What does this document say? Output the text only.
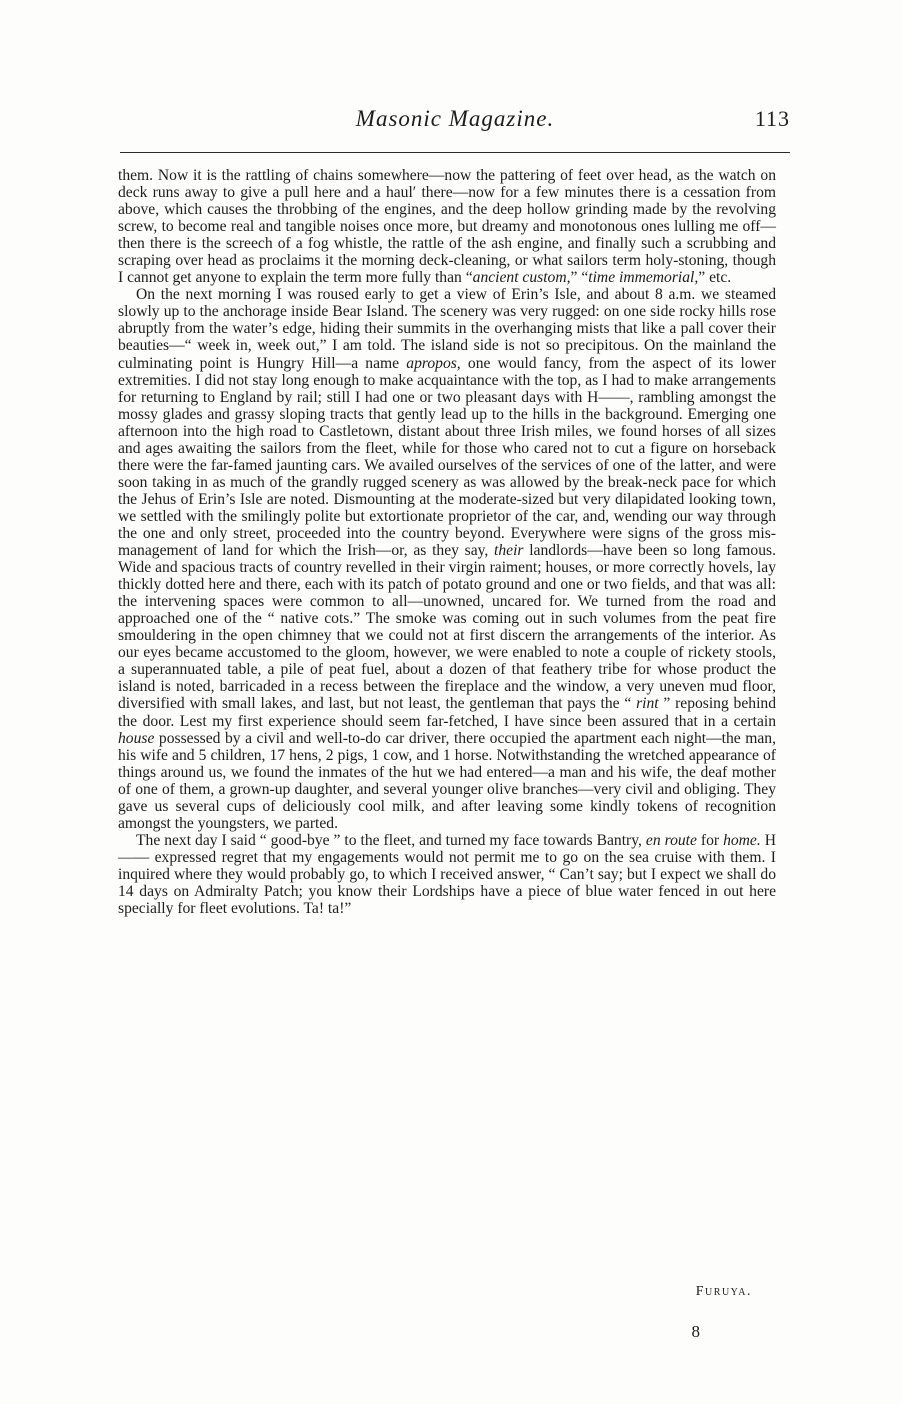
Masonic Magazine.	113

them. Now it is the rattling of chains somewhere—now the pattering of feet over head, as the watch on deck runs away to give a pull here and a haul′ there—now for a few minutes there is a cessation from above, which causes the throbbing of the engines, and the deep hollow grinding made by the revolving screw, to become real and tangible noises once more, but dreamy and monotonous ones lulling me off—then there is the screech of a fog whistle, the rattle of the ash engine, and finally such a scrubbing and scraping over head as proclaims it the morning deck-cleaning, or what sailors term holy-stoning, though I cannot get anyone to explain the term more fully than “ancient custom,” “time immemorial,” etc.

On the next morning I was roused early to get a view of Erin’s Isle, and about 8 a.m. we steamed slowly up to the anchorage inside Bear Island. The scenery was very rugged: on one side rocky hills rose abruptly from the water’s edge, hiding their summits in the overhanging mists that like a pall cover their beauties—“ week in, week out,” I am told. The island side is not so precipitous. On the mainland the culminating point is Hungry Hill—a name apropos, one would fancy, from the aspect of its lower extremities. I did not stay long enough to make acquaintance with the top, as I had to make arrangements for returning to England by rail; still I had one or two pleasant days with H——, rambling amongst the mossy glades and grassy sloping tracts that gently lead up to the hills in the background. Emerging one afternoon into the high road to Castletown, distant about three Irish miles, we found horses of all sizes and ages awaiting the sailors from the fleet, while for those who cared not to cut a figure on horseback there were the far-famed jaunting cars. We availed ourselves of the services of one of the latter, and were soon taking in as much of the grandly rugged scenery as was allowed by the break-neck pace for which the Jehus of Erin’s Isle are noted. Dismounting at the moderate-sized but very dilapidated looking town, we settled with the smilingly polite but extortionate proprietor of the car, and, wending our way through the one and only street, proceeded into the country beyond. Everywhere were signs of the gross mis-management of land for which the Irish—or, as they say, their landlords—have been so long famous. Wide and spacious tracts of country revelled in their virgin raiment; houses, or more correctly hovels, lay thickly dotted here and there, each with its patch of potato ground and one or two fields, and that was all: the intervening spaces were common to all—unowned, uncared for. We turned from the road and approached one of the “ native cots.” The smoke was coming out in such volumes from the peat fire smouldering in the open chimney that we could not at first discern the arrangements of the interior. As our eyes became accustomed to the gloom, however, we were enabled to note a couple of rickety stools, a superannuated table, a pile of peat fuel, about a dozen of that feathery tribe for whose product the island is noted, barricaded in a recess between the fireplace and the window, a very uneven mud floor, diversified with small lakes, and last, but not least, the gentleman that pays the “ rint ” reposing behind the door. Lest my first experience should seem far-fetched, I have since been assured that in a certain house possessed by a civil and well-to-do car driver, there occupied the apartment each night—the man, his wife and 5 children, 17 hens, 2 pigs, 1 cow, and 1 horse. Notwithstanding the wretched appearance of things around us, we found the inmates of the hut we had entered—a man and his wife, the deaf mother of one of them, a grown-up daughter, and several younger olive branches—very civil and obliging. They gave us several cups of deliciously cool milk, and after leaving some kindly tokens of recognition amongst the youngsters, we parted.

The next day I said “ good-bye ” to the fleet, and turned my face towards Bantry, en route for home. H—— expressed regret that my engagements would not permit me to go on the sea cruise with them. I inquired where they would probably go, to which I received answer, “ Can’t say; but I expect we shall do 14 days on Admiralty Patch; you know their Lordships have a piece of blue water fenced in out here specially for fleet evolutions. Ta! ta!”

Furuya.
8
